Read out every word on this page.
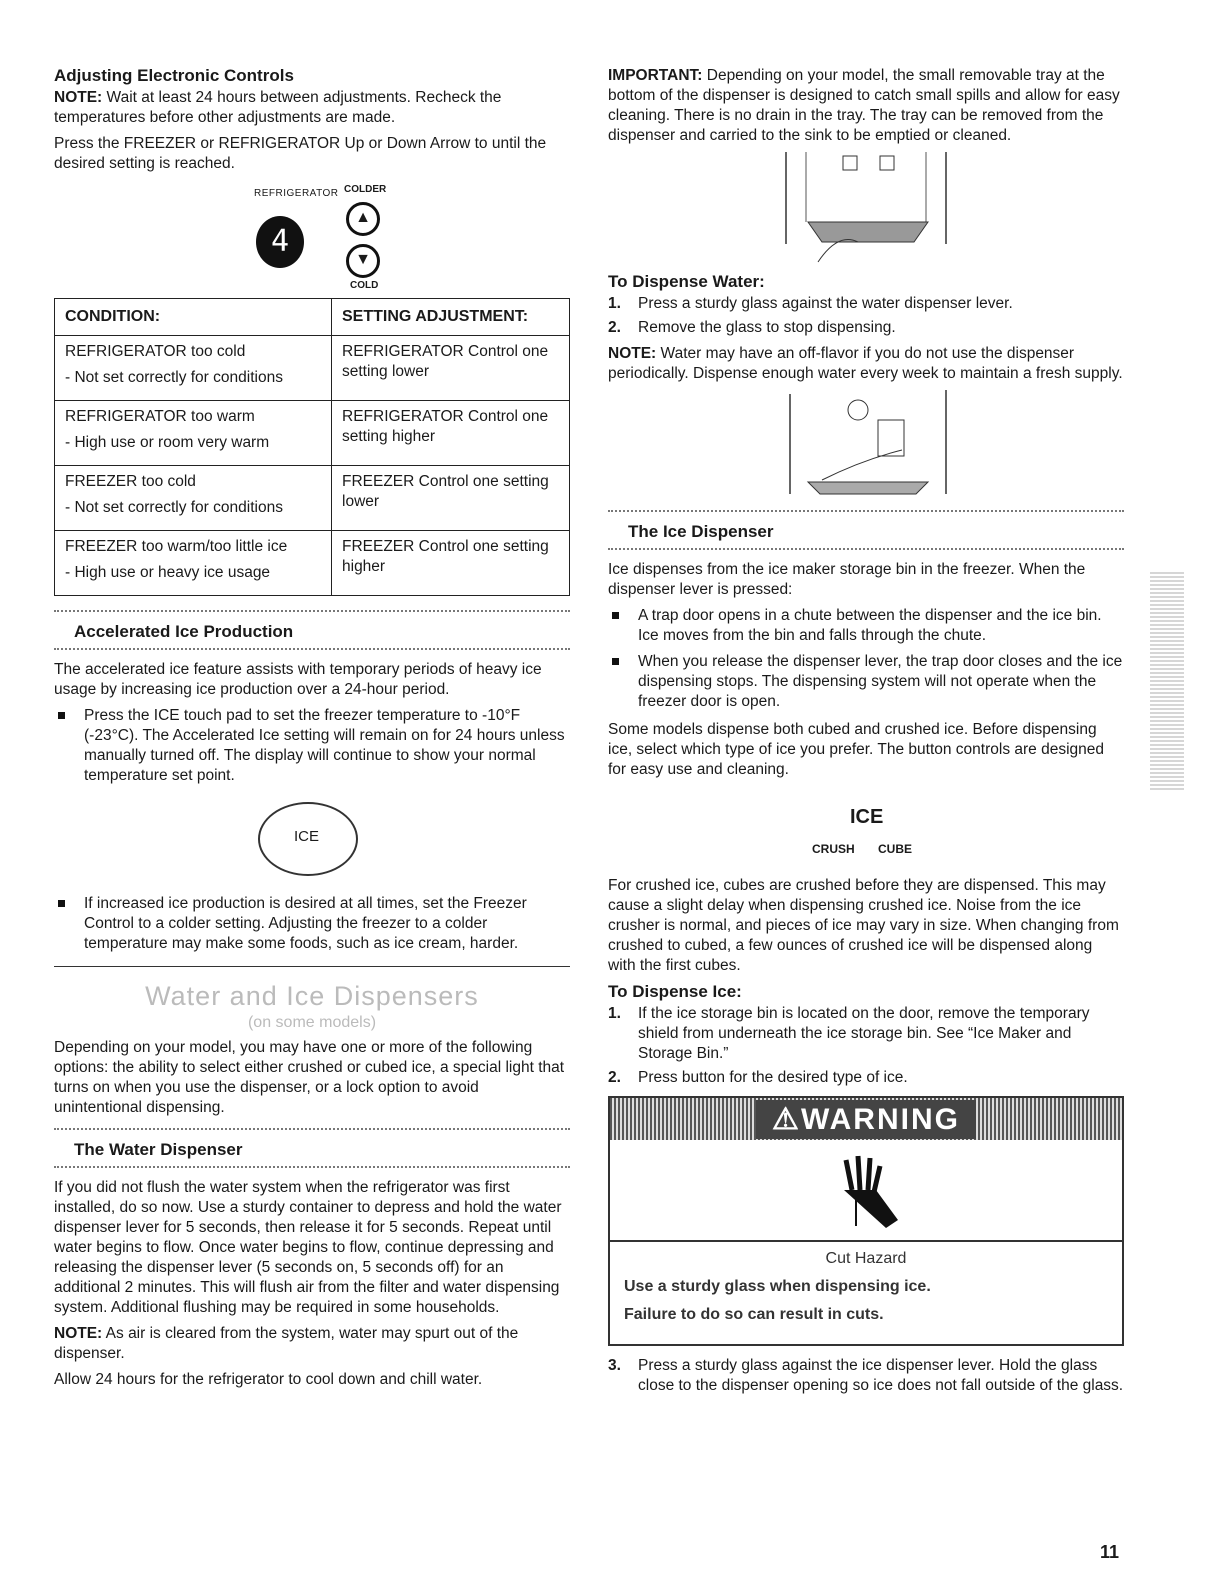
Adjusting Electronic Controls

NOTE: Wait at least 24 hours between adjustments. Recheck the temperatures before other adjustments are made.

Press the FREEZER or REFRIGERATOR Up or Down Arrow to until the desired setting is reached.

REFRIGERATOR COLDER
4
▲
▼
COLD
CONDITION:	SETTING ADJUSTMENT:

REFRIGERATOR too cold
- Not set correctly for conditions	REFRIGERATOR Control one setting lower

REFRIGERATOR too warm
- High use or room very warm	REFRIGERATOR Control one setting higher

FREEZER too cold
- Not set correctly for conditions	FREEZER Control one setting lower

FREEZER too warm/too little ice
- High use or heavy ice usage	FREEZER Control one setting higher
Accelerated Ice Production

The accelerated ice feature assists with temporary periods of heavy ice usage by increasing ice production over a 24-hour period.

Press the ICE touch pad to set the freezer temperature to -10°F (-23°C). The Accelerated Ice setting will remain on for 24 hours unless manually turned off. The display will continue to show your normal temperature set point.
ICE
If increased ice production is desired at all times, set the Freezer Control to a colder setting. Adjusting the freezer to a colder temperature may make some foods, such as ice cream, harder.
Water and Ice Dispensers
(on some models)

Depending on your model, you may have one or more of the following options: the ability to select either crushed or cubed ice, a special light that turns on when you use the dispenser, or a lock option to avoid unintentional dispensing.

The Water Dispenser

If you did not flush the water system when the refrigerator was first installed, do so now. Use a sturdy container to depress and hold the water dispenser lever for 5 seconds, then release it for 5 seconds. Repeat until water begins to flow. Once water begins to flow, continue depressing and releasing the dispenser lever (5 seconds on, 5 seconds off) for an additional 2 minutes. This will flush air from the filter and water dispensing system. Additional flushing may be required in some households.

NOTE: As air is cleared from the system, water may spurt out of the dispenser.

Allow 24 hours for the refrigerator to cool down and chill water.

IMPORTANT: Depending on your model, the small removable tray at the bottom of the dispenser is designed to catch small spills and allow for easy cleaning. There is no drain in the tray. The tray can be removed from the dispenser and carried to the sink to be emptied or cleaned.

To Dispense Water:
1. Press a sturdy glass against the water dispenser lever.
2. Remove the glass to stop dispensing.

NOTE: Water may have an off-flavor if you do not use the dispenser periodically. Dispense enough water every week to maintain a fresh supply.

The Ice Dispenser

Ice dispenses from the ice maker storage bin in the freezer. When the dispenser lever is pressed:

A trap door opens in a chute between the dispenser and the ice bin. Ice moves from the bin and falls through the chute.
When you release the dispenser lever, the trap door closes and the ice dispensing stops. The dispensing system will not operate when the freezer door is open.

Some models dispense both cubed and crushed ice. Before dispensing ice, select which type of ice you prefer. The button controls are designed for easy use and cleaning.

ICE
CRUSH CUBE

For crushed ice, cubes are crushed before they are dispensed. This may cause a slight delay when dispensing crushed ice. Noise from the ice crusher is normal, and pieces of ice may vary in size. When changing from crushed to cubed, a few ounces of crushed ice will be dispensed along with the first cubes.

To Dispense Ice:
1. If the ice storage bin is located on the door, remove the temporary shield from underneath the ice storage bin. See “Ice Maker and Storage Bin.”
2. Press button for the desired type of ice.
⚠WARNING
Cut Hazard
Use a sturdy glass when dispensing ice.
Failure to do so can result in cuts.
3. Press a sturdy glass against the ice dispenser lever. Hold the glass close to the dispenser opening so ice does not fall outside of the glass.
11
